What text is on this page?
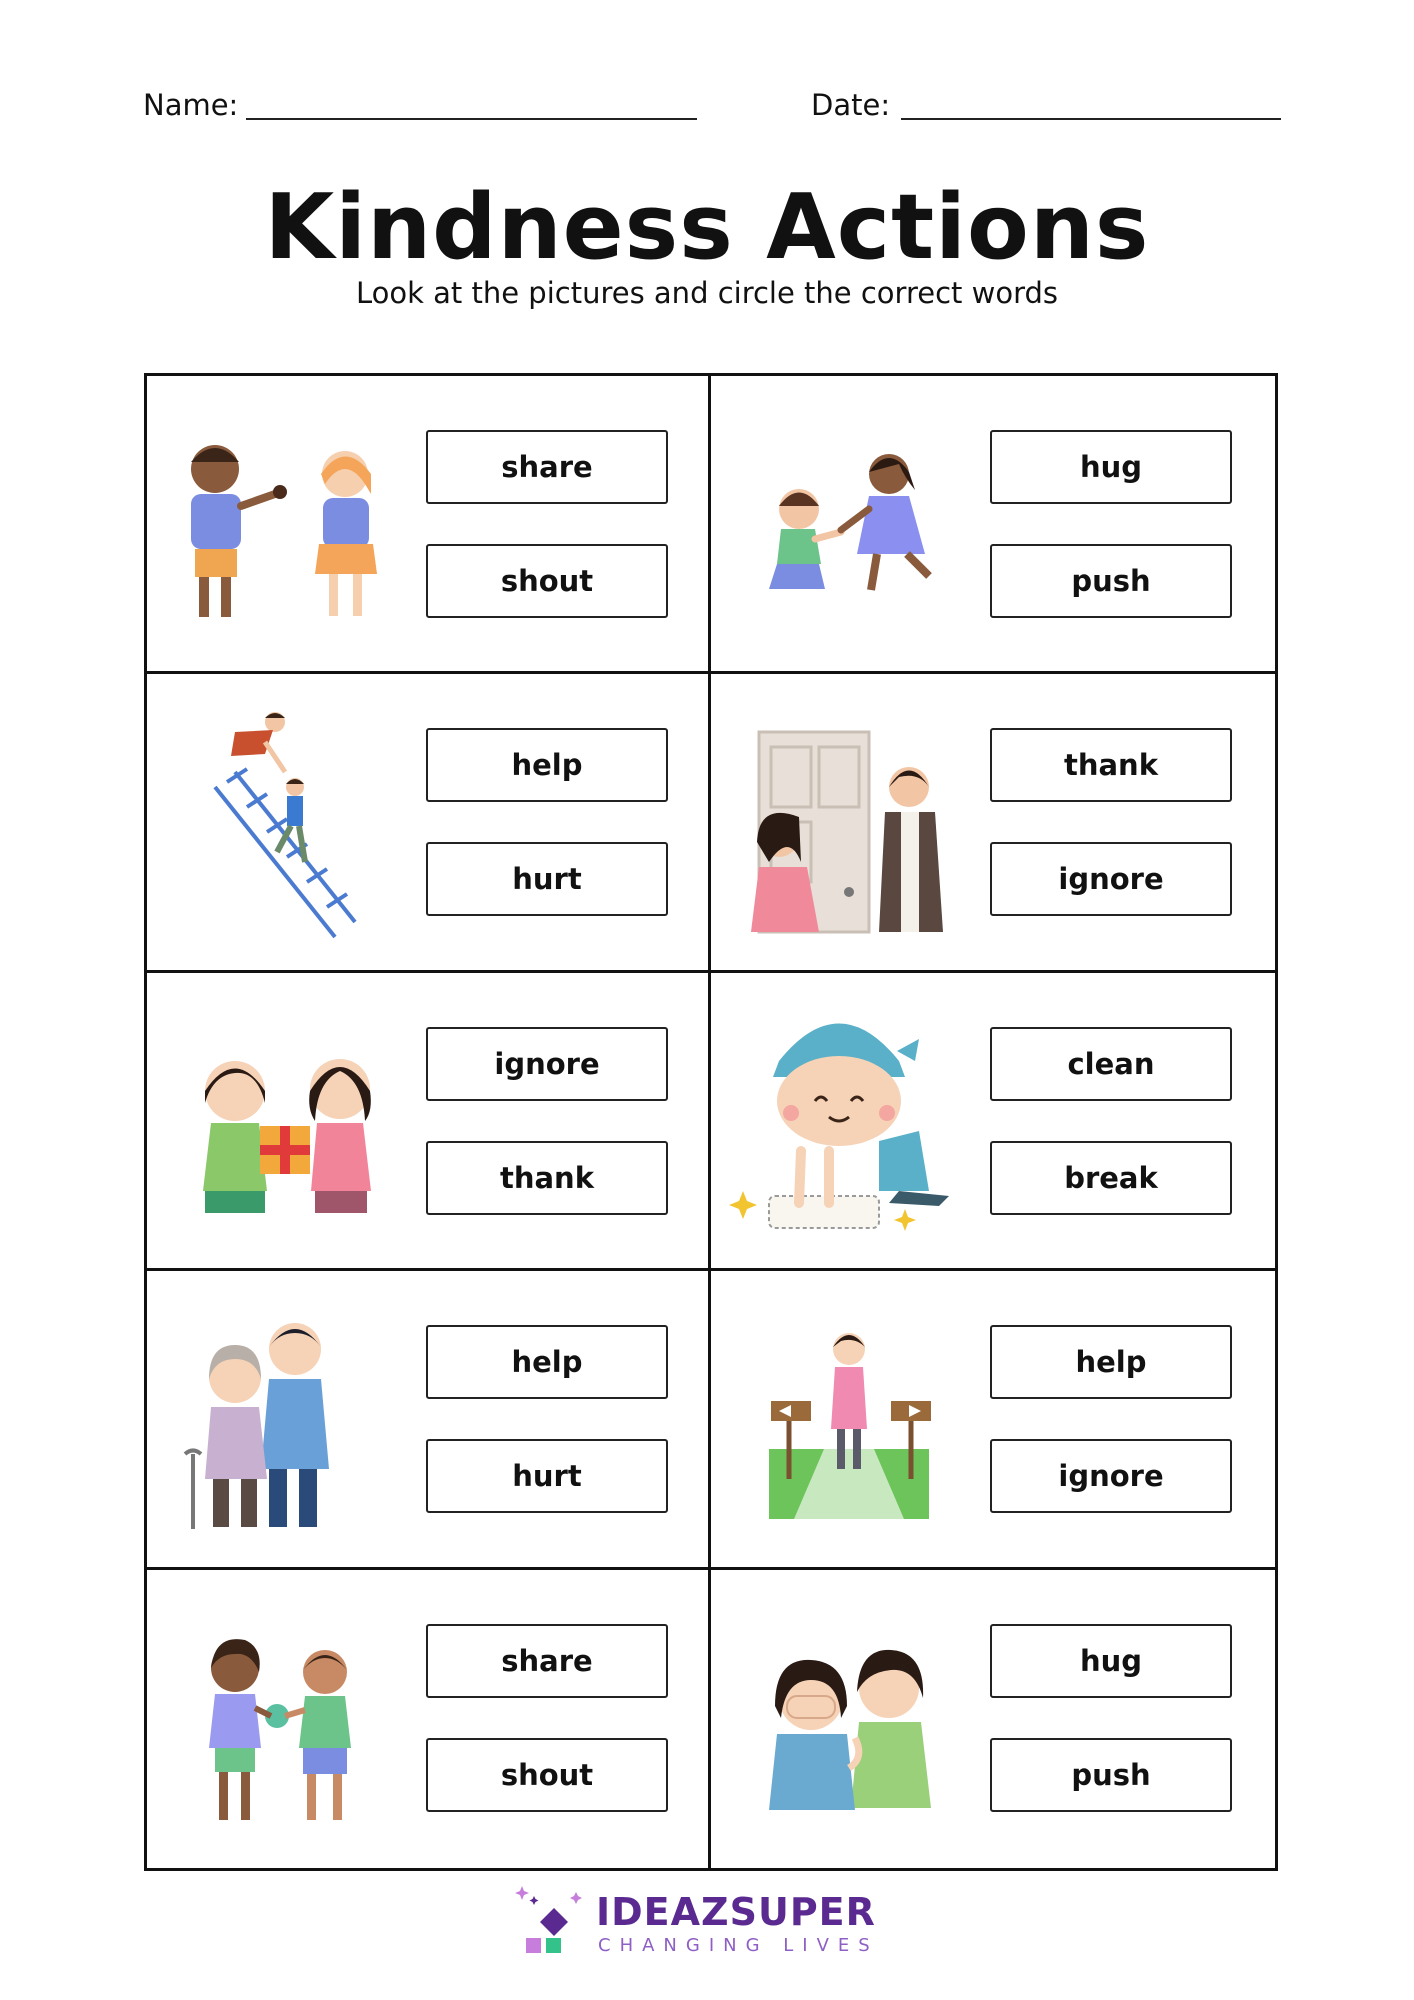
Name:	Date:
Kindness Actions
Look at the pictures and circle the correct words
share
shout
hug
push
help
hurt
thank
ignore
ignore
thank
clean
break
help
hurt
help
ignore
share
shout
hug
push
IDEAZSUPER
CHANGING LIVES
